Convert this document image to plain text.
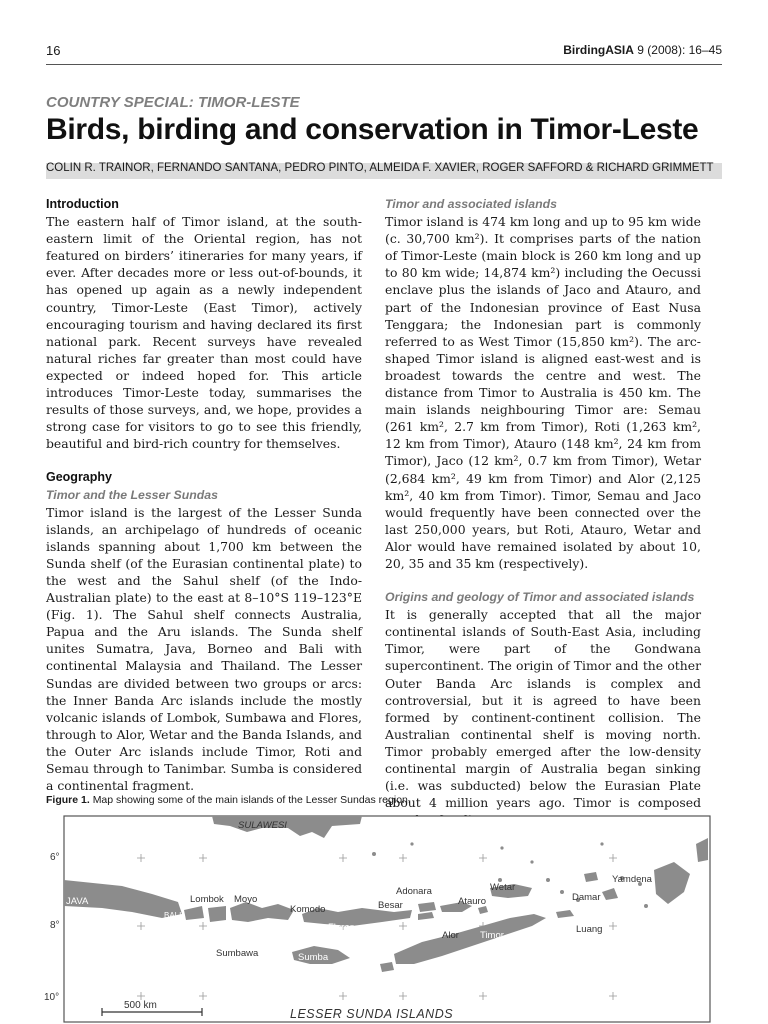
16	BirdingASIA 9 (2008): 16–45
COUNTRY SPECIAL: TIMOR-LESTE
Birds, birding and conservation in Timor-Leste
COLIN R. TRAINOR, FERNANDO SANTANA, PEDRO PINTO, ALMEIDA F. XAVIER, ROGER SAFFORD & RICHARD GRIMMETT
Introduction

The eastern half of Timor island, at the south-eastern limit of the Oriental region, has not featured on birders’ itineraries for many years, if ever. After decades more or less out-of-bounds, it has opened up again as a newly independent country, Timor-Leste (East Timor), actively encouraging tourism and having declared its first national park. Recent surveys have revealed natural riches far greater than most could have expected or indeed hoped for. This article introduces Timor-Leste today, summarises the results of those surveys, and, we hope, provides a strong case for visitors to go to see this friendly, beautiful and bird-rich country for themselves.

Geography
Timor and the Lesser Sundas

Timor island is the largest of the Lesser Sunda islands, an archipelago of hundreds of oceanic islands spanning about 1,700 km between the Sunda shelf (of the Eurasian continental plate) to the west and the Sahul shelf (of the Indo-Australian plate) to the east at 8–10°S 119–123°E (Fig. 1). The Sahul shelf connects Australia, Papua and the Aru islands. The Sunda shelf unites Sumatra, Java, Borneo and Bali with continental Malaysia and Thailand. The Lesser Sundas are divided between two groups or arcs: the Inner Banda Arc islands include the mostly volcanic islands of Lombok, Sumbawa and Flores, through to Alor, Wetar and the Banda Islands, and the Outer Arc islands include Timor, Roti and Semau through to Tanimbar. Sumba is considered a continental fragment.

Timor and associated islands

Timor island is 474 km long and up to 95 km wide (c. 30,700 km²). It comprises parts of the nation of Timor-Leste (main block is 260 km long and up to 80 km wide; 14,874 km²) including the Oecussi enclave plus the islands of Jaco and Atauro, and part of the Indonesian province of East Nusa Tenggara; the Indonesian part is commonly referred to as West Timor (15,850 km²). The arc-shaped Timor island is aligned east-west and is broadest towards the centre and west. The distance from Timor to Australia is 450 km. The main islands neighbouring Timor are: Semau (261 km², 2.7 km from Timor), Roti (1,263 km², 12 km from Timor), Atauro (148 km², 24 km from Timor), Jaco (12 km², 0.7 km from Timor), Wetar (2,684 km², 49 km from Timor) and Alor (2,125 km², 40 km from Timor). Timor, Semau and Jaco would frequently have been connected over the last 250,000 years, but Roti, Atauro, Wetar and Alor would have remained isolated by about 10, 20, 35 and 35 km (respectively).

Origins and geology of Timor and associated islands

It is generally accepted that all the major continental islands of South-East Asia, including Timor, were part of the Gondwana supercontinent. The origin of Timor and the other Outer Banda Arc islands is complex and controversial, but it is agreed to have been formed by continent-continent collision. The Australian continental shelf is moving north. Timor probably emerged after the low-density continental margin of Australia began sinking (i.e. was subducted) below the Eurasian Plate about 4 million years ago. Timor is composed

Figure 1. Map showing some of the main islands of the Lesser Sundas region.
6°
8°
10°
SULAWESI
JAVA
BALI
Lombok Moyo
Komodo
Flores
Sumbawa	Sumba
Adonara
Besar	Atauro
Wetar
Alor Timor
Damar
Yamdena
Luang
500 km
LESSER SUNDA ISLANDS
